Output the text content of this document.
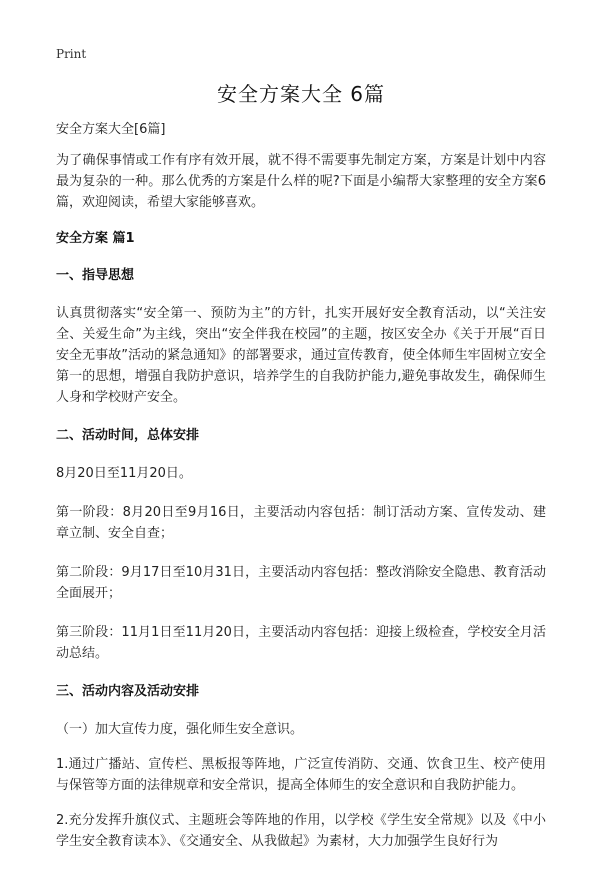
Print
安全方案大全 6篇
安全方案大全[6篇]

为了确保事情或工作有序有效开展，就不得不需要事先制定方案，方案是计划中内容最为复杂的一种。那么优秀的方案是什么样的呢?下面是小编帮大家整理的安全方案6篇，欢迎阅读，希望大家能够喜欢。

安全方案 篇1
一、指导思想

认真贯彻落实“安全第一、预防为主”的方针，扎实开展好安全教育活动，以“关注安全、关爱生命”为主线，突出“安全伴我在校园”的主题，按区安全办《关于开展“百日安全无事故”活动的紧急通知》的部署要求，通过宣传教育，使全体师生牢固树立安全第一的思想，增强自我防护意识，培养学生的自我防护能力,避免事故发生，确保师生人身和学校财产安全。

二、活动时间，总体安排

8月20日至11月20日。

第一阶段：8月20日至9月16日，主要活动内容包括：制订活动方案、宣传发动、建章立制、安全自查；

第二阶段：9月17日至10月31日，主要活动内容包括：整改消除安全隐患、教育活动全面展开；

第三阶段：11月1日至11月20日，主要活动内容包括：迎接上级检查，学校安全月活动总结。

三、活动内容及活动安排

（一）加大宣传力度，强化师生安全意识。

1.通过广播站、宣传栏、黑板报等阵地，广泛宣传消防、交通、饮食卫生、校产使用与保管等方面的法律规章和安全常识，提高全体师生的安全意识和自我防护能力。

2.充分发挥升旗仪式、主题班会等阵地的作用，以学校《学生安全常规》以及《中小学生安全教育读本》、《交通安全、从我做起》为素材，大力加强学生良好行为
